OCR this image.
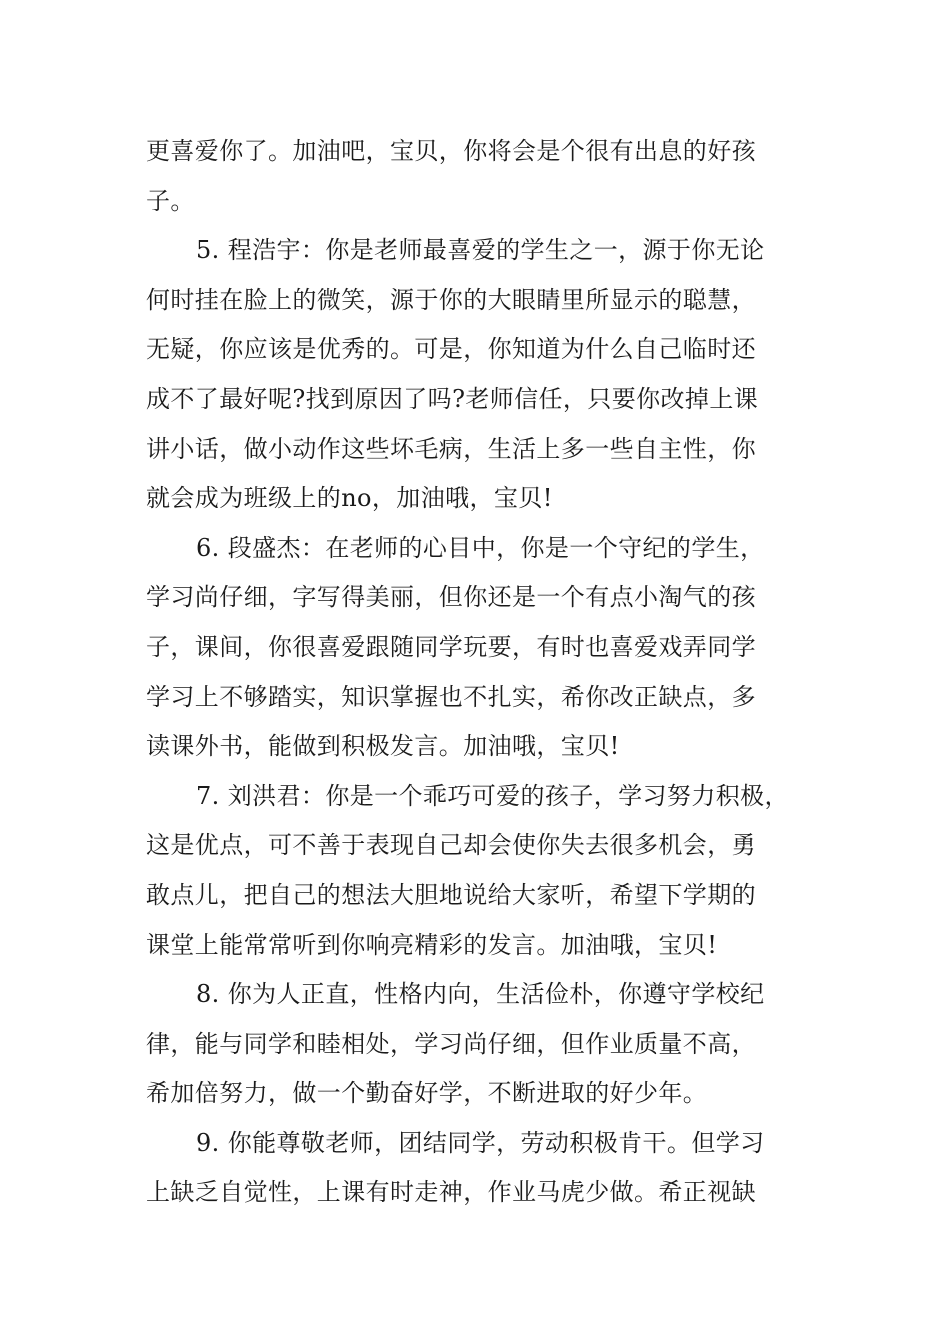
更喜爱你了。加油吧，宝贝，你将会是个很有出息的好孩
子。
5. 程浩宇：你是老师最喜爱的学生之一，源于你无论
何时挂在脸上的微笑，源于你的大眼睛里所显示的聪慧，
无疑，你应该是优秀的。可是，你知道为什么自己临时还
成不了最好呢?找到原因了吗?老师信任，只要你改掉上课
讲小话，做小动作这些坏毛病，生活上多一些自主性，你
就会成为班级上的no，加油哦，宝贝!
6. 段盛杰：在老师的心目中，你是一个守纪的学生，
学习尚仔细，字写得美丽，但你还是一个有点小淘气的孩
子，课间，你很喜爱跟随同学玩要，有时也喜爱戏弄同学
学习上不够踏实，知识掌握也不扎实，希你改正缺点，多
读课外书，能做到积极发言。加油哦，宝贝!
7. 刘洪君：你是一个乖巧可爱的孩子，学习努力积极，
这是优点，可不善于表现自己却会使你失去很多机会，勇
敢点儿，把自己的想法大胆地说给大家听，希望下学期的
课堂上能常常听到你响亮精彩的发言。加油哦，宝贝!
8. 你为人正直，性格内向，生活俭朴，你遵守学校纪
律，能与同学和睦相处，学习尚仔细，但作业质量不高，
希加倍努力，做一个勤奋好学，不断进取的好少年。
9. 你能尊敬老师，团结同学，劳动积极肯干。但学习
上缺乏自觉性，上课有时走神，作业马虎少做。希正视缺
